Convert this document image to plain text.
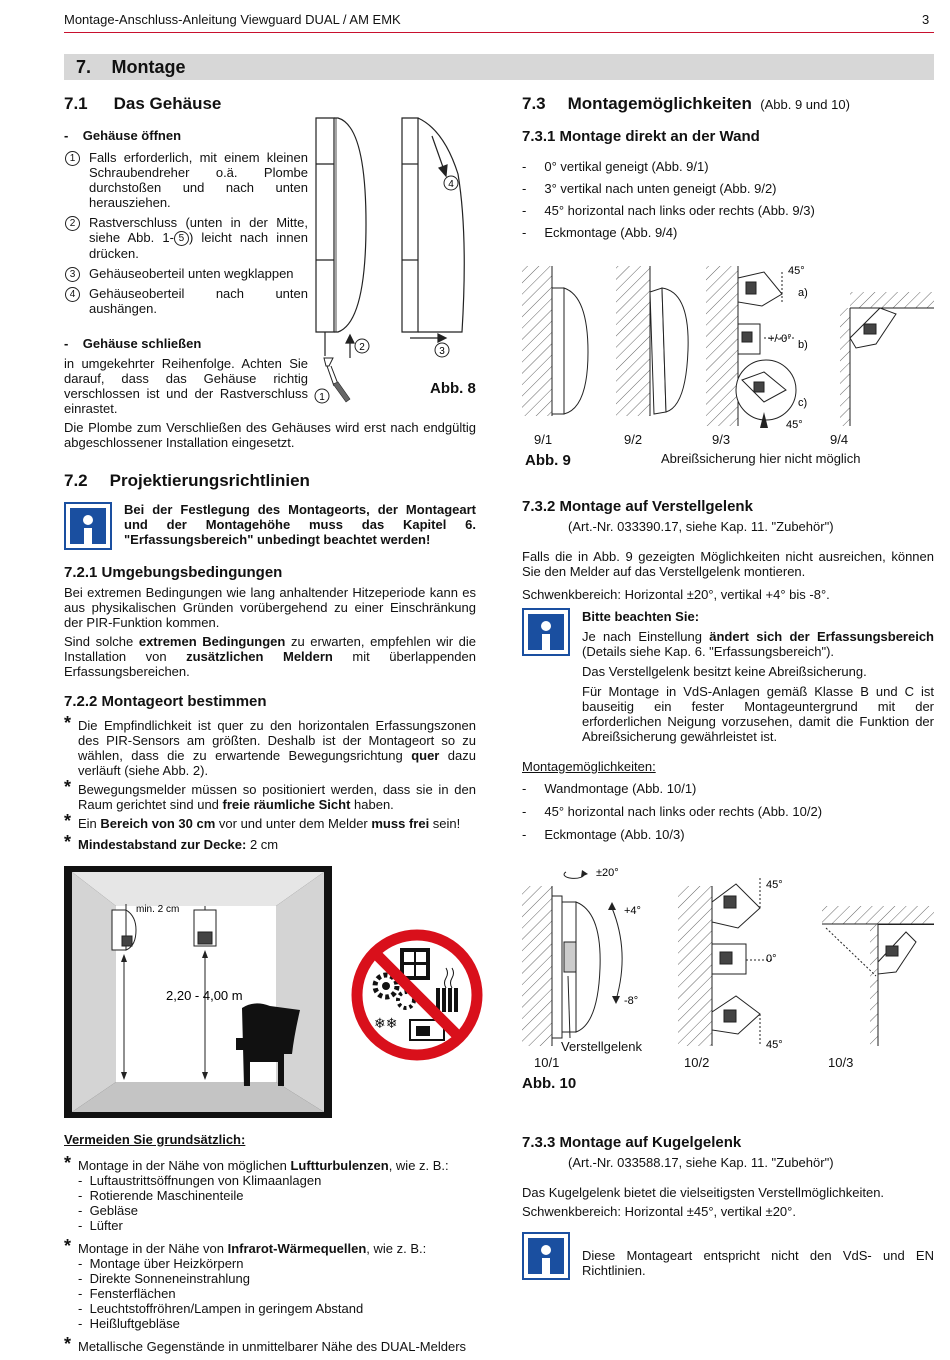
Montage-Anschluss-Anleitung Viewguard DUAL / AM EMK	3
7. Montage
7.1 Das Gehäuse
-    Gehäuse öffnen
1	Falls erforderlich, mit einem kleinen Schraubendreher o.ä. Plombe durchstoßen und nach unten herausziehen.
2	Rastverschluss (unten in der Mitte, siehe Abb. 1- 5 ) leicht nach innen drücken.
3	Gehäuseoberteil unten wegklappen
4	Gehäuseoberteil nach unten aushängen.
-    Gehäuse schließen
in umgekehrter Reihenfolge. Achten Sie darauf, dass das Gehäuse richtig verschlossen ist und der Rastverschluss einrastet.
Die Plombe zum Verschließen des Gehäuses wird erst nach endgültig abgeschlossener Installation eingesetzt.
1
2	3
4
Abb. 8
7.2 Projektierungsrichtlinien
Bei der Festlegung des Montageorts, der Montageart und der Montagehöhe muss das Kapitel 6. "Erfassungsbereich" unbedingt beachtet werden!
7.2.1 Umgebungsbedingungen
Bei extremen Bedingungen wie lang anhaltender Hitzeperiode kann es aus physikalischen Gründen vorübergehend zu einer Einschränkung der PIR-Funktion kommen.
Sind solche extremen Bedingungen zu erwarten, empfehlen wir die Installation von zusätzlichen Meldern mit überlappenden Erfassungsbereichen.
7.2.2 Montageort bestimmen
* Die Empfindlichkeit ist quer zu den horizontalen Erfassungszonen des PIR-Sensors am größten. Deshalb ist der Montageort so zu wählen, dass die zu erwartende Bewegungsrichtung quer dazu verläuft (siehe Abb. 2).
* Bewegungsmelder müssen so positioniert werden, dass sie in den Raum gerichtet sind und freie räumliche Sicht haben.
* Ein Bereich von 30 cm vor und unter dem Melder muss frei sein!
* Mindestabstand zur Decke: 2 cm
min. 2 cm
2,20 - 4,00 m
❄❄
Vermeiden Sie grundsätzlich:
* Montage in der Nähe von möglichen Luftturbulenzen, wie z. B.:
-  Luftaustrittsöffnungen von Klimaanlagen
-  Rotierende Maschinenteile
-  Gebläse
-  Lüfter
* Montage in der Nähe von Infrarot-Wärmequellen, wie z. B.:
-  Montage über Heizkörpern
-  Direkte Sonneneinstrahlung
-  Fensterflächen
-  Leuchtstoffröhren/Lampen in geringem Abstand
-  Heißluftgebläse
* Metallische Gegenstände in unmittelbarer Nähe des DUAL-Melders
7.3 Montagemöglichkeiten (Abb. 9 und 10)
7.3.1 Montage direkt an der Wand
-     0° vertikal geneigt (Abb. 9/1)
-     3° vertikal nach unten geneigt (Abb. 9/2)
-     45° horizontal nach links oder rechts (Abb. 9/3)
-     Eckmontage (Abb. 9/4)
45°
a)
+/-0° b)
c)
45°
9/1	9/2	9/3	9/4
Abb. 9	Abreißsicherung hier nicht möglich
7.3.2 Montage auf Verstellgelenk
(Art.-Nr. 033390.17, siehe Kap. 11. "Zubehör")
Falls die in Abb. 9 gezeigten Möglichkeiten nicht ausreichen, können Sie den Melder auf das Verstellgelenk montieren.
Schwenkbereich: Horizontal ±20°, vertikal +4° bis -8°.
Bitte beachten Sie:
Je nach Einstellung ändert sich der Erfassungsbereich (Details siehe Kap. 6. "Erfassungsbereich").
Das Verstellgelenk besitzt keine Abreißsicherung.
Für Montage in VdS-Anlagen gemäß Klasse B und C ist bauseitig ein fester Montageuntergrund mit der erforderlichen Neigung vorzusehen, damit die Funktion der Abreißsicherung gewährleistet ist.
Montagemöglichkeiten:
-     Wandmontage (Abb. 10/1)
-     45° horizontal nach links oder rechts (Abb. 10/2)
-     Eckmontage (Abb. 10/3)
±20°
+4°
-8°
45°
0°
45°
Verstellgelenk
10/1	10/2	10/3
Abb. 10
7.3.3 Montage auf Kugelgelenk
(Art.-Nr. 033588.17, siehe Kap. 11. "Zubehör")
Das Kugelgelenk bietet die vielseitigsten Verstellmöglichkeiten.
Schwenkbereich: Horizontal ±45°, vertikal ±20°.
Diese Montageart entspricht nicht den VdS- und EN Richtlinien.
